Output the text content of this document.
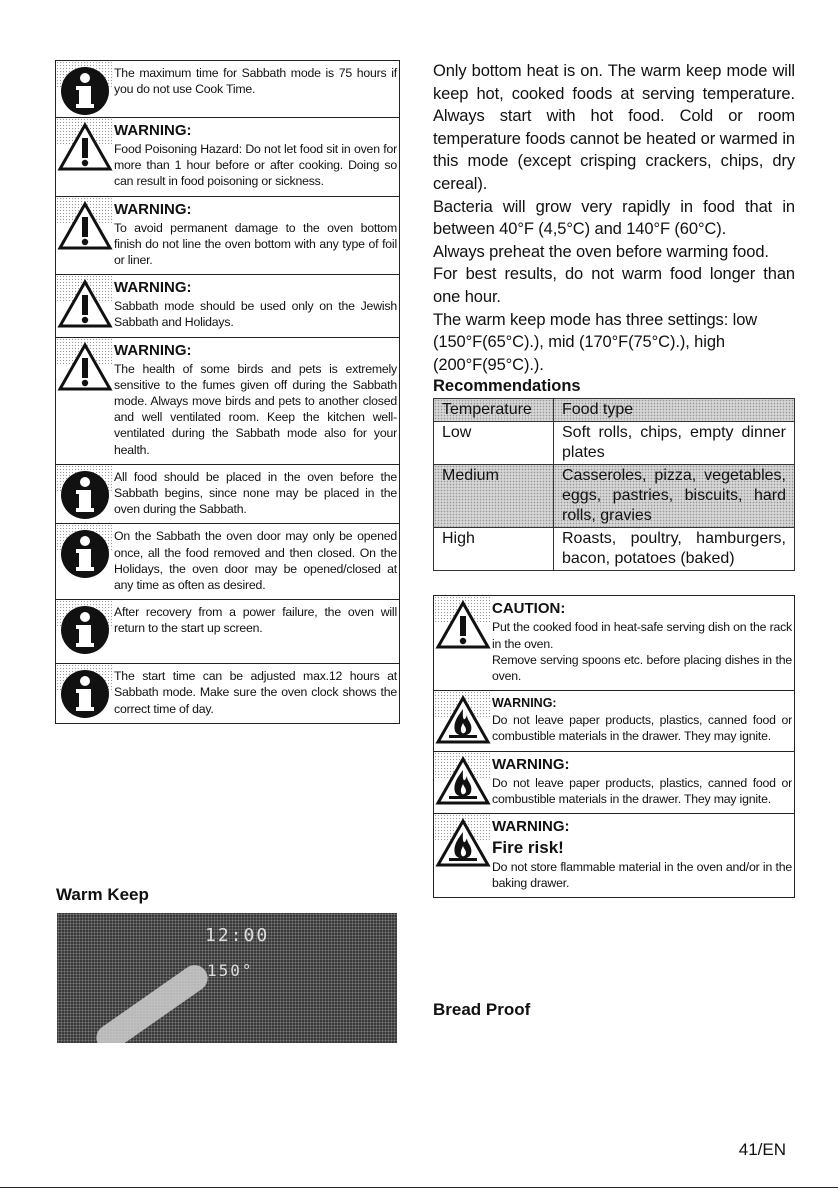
The maximum time for Sabbath mode is 75 hours if you do not use Cook Time.

WARNING:

Food Poisoning Hazard: Do not let food sit in oven for more than 1 hour before or after cooking. Doing so can result in food poisoning or sickness.

WARNING:

To avoid permanent damage to the oven bottom finish do not line the oven bottom with any type of foil or liner.

WARNING:

Sabbath mode should be used only on the Jewish Sabbath and Holidays.

WARNING:

The health of some birds and pets is extremely sensitive to the fumes given off during the Sabbath mode. Always move birds and pets to another closed and well ventilated room. Keep the kitchen well-ventilated during the Sabbath mode also for your health.

All food should be placed in the oven before the Sabbath begins, since none may be placed in the oven during the Sabbath.

On the Sabbath the oven door may only be opened once, all the food removed and then closed. On the Holidays, the oven door may be opened/closed at any time as often as desired.

After recovery from a power failure, the oven will return to the start up screen.

The start time can be adjusted max.12 hours at Sabbath mode. Make sure the oven clock shows the correct time of day.

Warm Keep
12:00
150°

Only bottom heat is on. The warm keep mode will keep hot, cooked foods at serving temperature. Always start with hot food. Cold or room temperature foods cannot be heated or warmed in this mode (except crisping crackers, chips, dry cereal).

Bacteria will grow very rapidly in food that in between 40°F (4,5°C) and 140°F (60°C).

Always preheat the oven before warming food.

For best results, do not warm food longer than one hour.

The warm keep mode has three settings: low (150°F(65°C).), mid (170°F(75°C).), high (200°F(95°C).).

Recommendations
Temperature	Food type
Low	Soft rolls, chips, empty dinner plates
Medium	Casseroles, pizza, vegetables, eggs, pastries, biscuits, hard rolls, gravies
High	Roasts, poultry, hamburgers, bacon, potatoes (baked)
CAUTION:

Put the cooked food in heat-safe serving dish on the rack in the oven.

Remove serving spoons etc. before placing dishes in the oven.

WARNING:

Do not leave paper products, plastics, canned food or combustible materials in the drawer. They may ignite.

WARNING:

Do not leave paper products, plastics, canned food or combustible materials in the drawer. They may ignite.

WARNING:
Fire risk!

Do not store flammable material in the oven and/or in the baking drawer.

Bread Proof
41/EN
